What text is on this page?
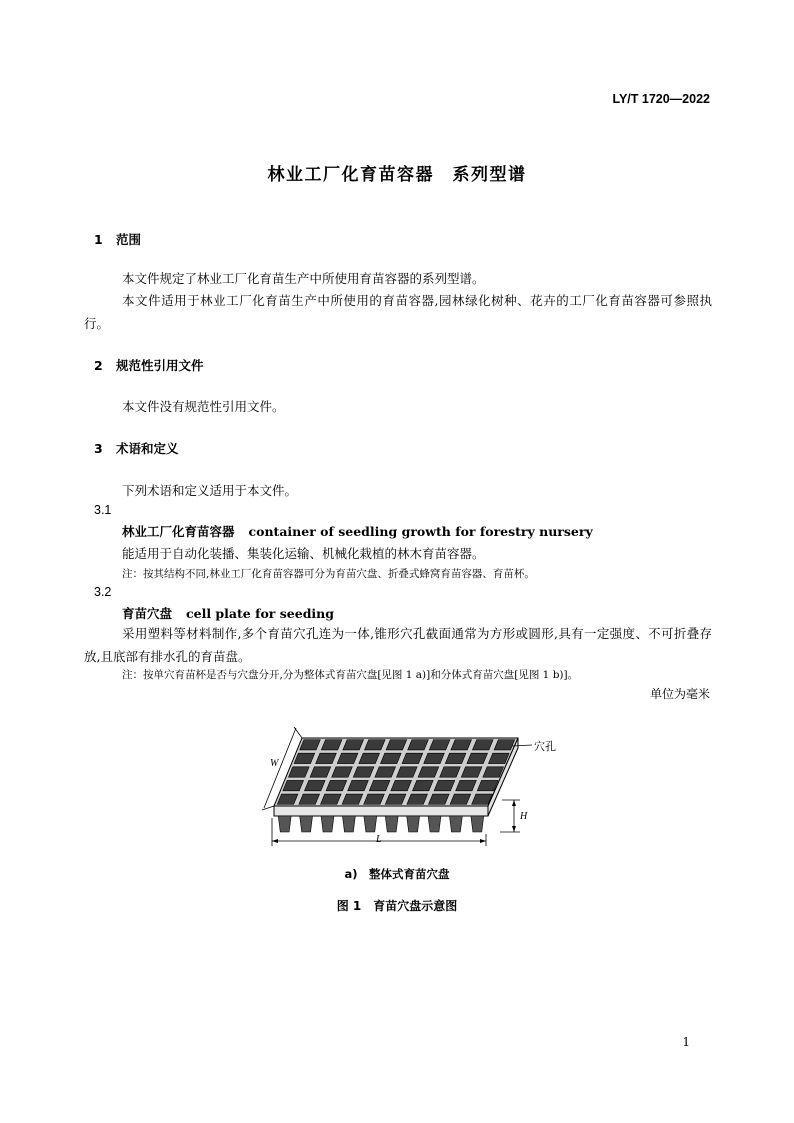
LY/T 1720—2022
林业工厂化育苗容器　系列型谱
1 范围
本文件规定了林业工厂化育苗生产中所使用育苗容器的系列型谱。
本文件适用于林业工厂化育苗生产中所使用的育苗容器,园林绿化树种、花卉的工厂化育苗容器可参照执行。
2 规范性引用文件
本文件没有规范性引用文件。
3 术语和定义
下列术语和定义适用于本文件。
3.1
林业工厂化育苗容器 container of seedling growth for forestry nursery
能适用于自动化装播、集装化运输、机械化栽植的林木育苗容器。
注：按其结构不同,林业工厂化育苗容器可分为育苗穴盘、折叠式蜂窝育苗容器、育苗杯。
3.2
育苗穴盘 cell plate for seeding
采用塑料等材料制作,多个育苗穴孔连为一体,锥形穴孔截面通常为方形或圆形,具有一定强度、不可折叠存放,且底部有排水孔的育苗盘。
注：按单穴育苗杯是否与穴盘分开,分为整体式育苗穴盘[见图 1 a)]和分体式育苗穴盘[见图 1 b)]。
单位为毫米
穴孔
W
L
H
a)　整体式育苗穴盘
图 1　育苗穴盘示意图
1
